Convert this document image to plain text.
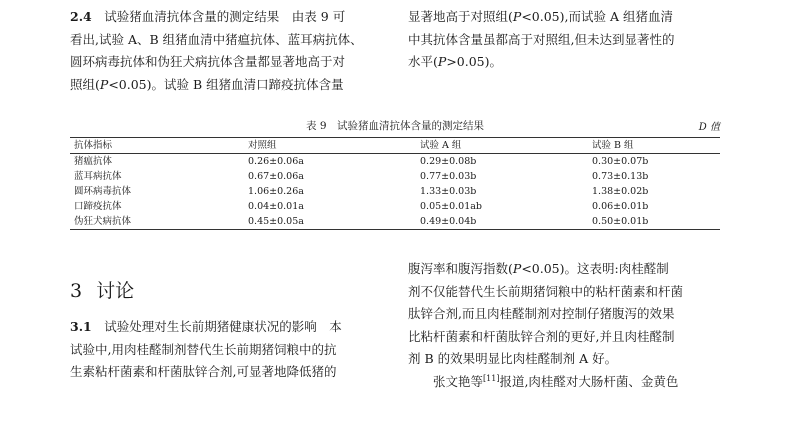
2.4　 试验猪血清抗体含量的测定结果　 由表 9 可
看出,试验 A、B 组猪血清中猪瘟抗体、蓝耳病抗体、
圆环病毒抗体和伪狂犬病抗体含量都显著地高于对
照组(P<0.05)。试验 B 组猪血清口蹄疫抗体含量
显著地高于对照组(P<0.05),而试验 A 组猪血清
中其抗体含量虽都高于对照组,但未达到显著性的
水平(P>0.05)。
表 9　试验猪血清抗体含量的测定结果	D 值
抗体指标	对照组	试验 A 组	试验 B 组
猪瘟抗体	0.26±0.06a	0.29±0.08b	0.30±0.07b
蓝耳病抗体	0.67±0.06a	0.77±0.03b	0.73±0.13b
圆环病毒抗体	1.06±0.26a	1.33±0.03b	1.38±0.02b
口蹄疫抗体	0.04±0.01a	0.05±0.01ab	0.06±0.01b
伪狂犬病抗体	0.45±0.05a	0.49±0.04b	0.50±0.01b
3 讨论
3.1　 试验处理对生长前期猪健康状况的影响　 本
试验中,用肉桂醛制剂替代生长前期猪饲粮中的抗
生素粘杆菌素和杆菌肽锌合剂,可显著地降低猪的
腹泻率和腹泻指数(P<0.05)。这表明:肉桂醛制
剂不仅能替代生长前期猪饲粮中的粘杆菌素和杆菌
肽锌合剂,而且肉桂醛制剂对控制仔猪腹泻的效果
比粘杆菌素和杆菌肽锌合剂的更好,并且肉桂醛制
剂 B 的效果明显比肉桂醛制剂 A 好。
　　张文艳等[11]报道,肉桂醛对大肠杆菌、金黄色
